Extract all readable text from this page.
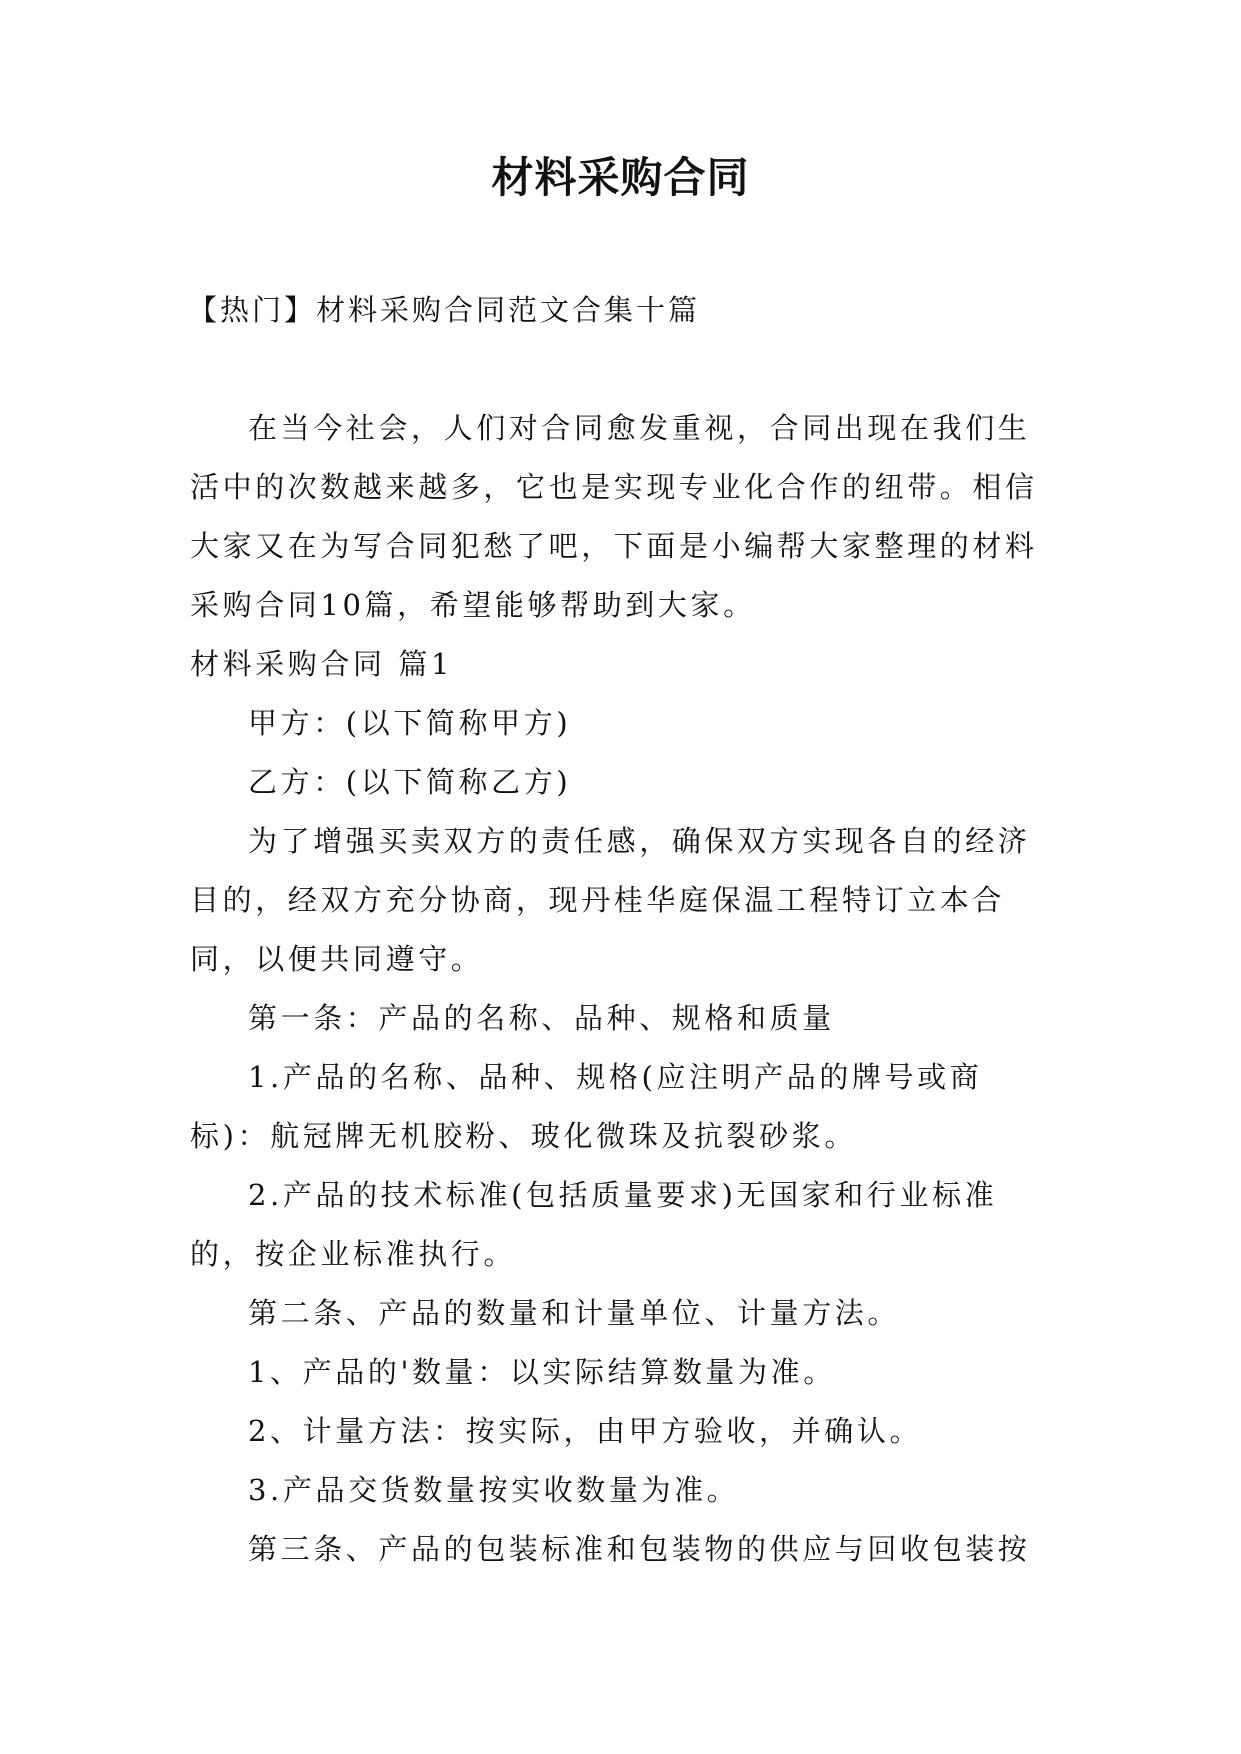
材料采购合同
【热门】材料采购合同范文合集十篇

在当今社会，人们对合同愈发重视，合同出现在我们生活中的次数越来越多，它也是实现专业化合作的纽带。相信大家又在为写合同犯愁了吧，下面是小编帮大家整理的材料采购合同10篇，希望能够帮助到大家。

材料采购合同 篇1

甲方：(以下简称甲方)

乙方：(以下简称乙方)

为了增强买卖双方的责任感，确保双方实现各自的经济目的，经双方充分协商，现丹桂华庭保温工程特订立本合同，以便共同遵守。

第一条：产品的名称、品种、规格和质量

1.产品的名称、品种、规格(应注明产品的牌号或商标)：航冠牌无机胶粉、玻化微珠及抗裂砂浆。

2.产品的技术标准(包括质量要求)无国家和行业标准的，按企业标准执行。

第二条、产品的数量和计量单位、计量方法。

1、产品的'数量：以实际结算数量为准。

2、计量方法：按实际，由甲方验收，并确认。

3.产品交货数量按实收数量为准。

第三条、产品的包装标准和包装物的供应与回收包装按
